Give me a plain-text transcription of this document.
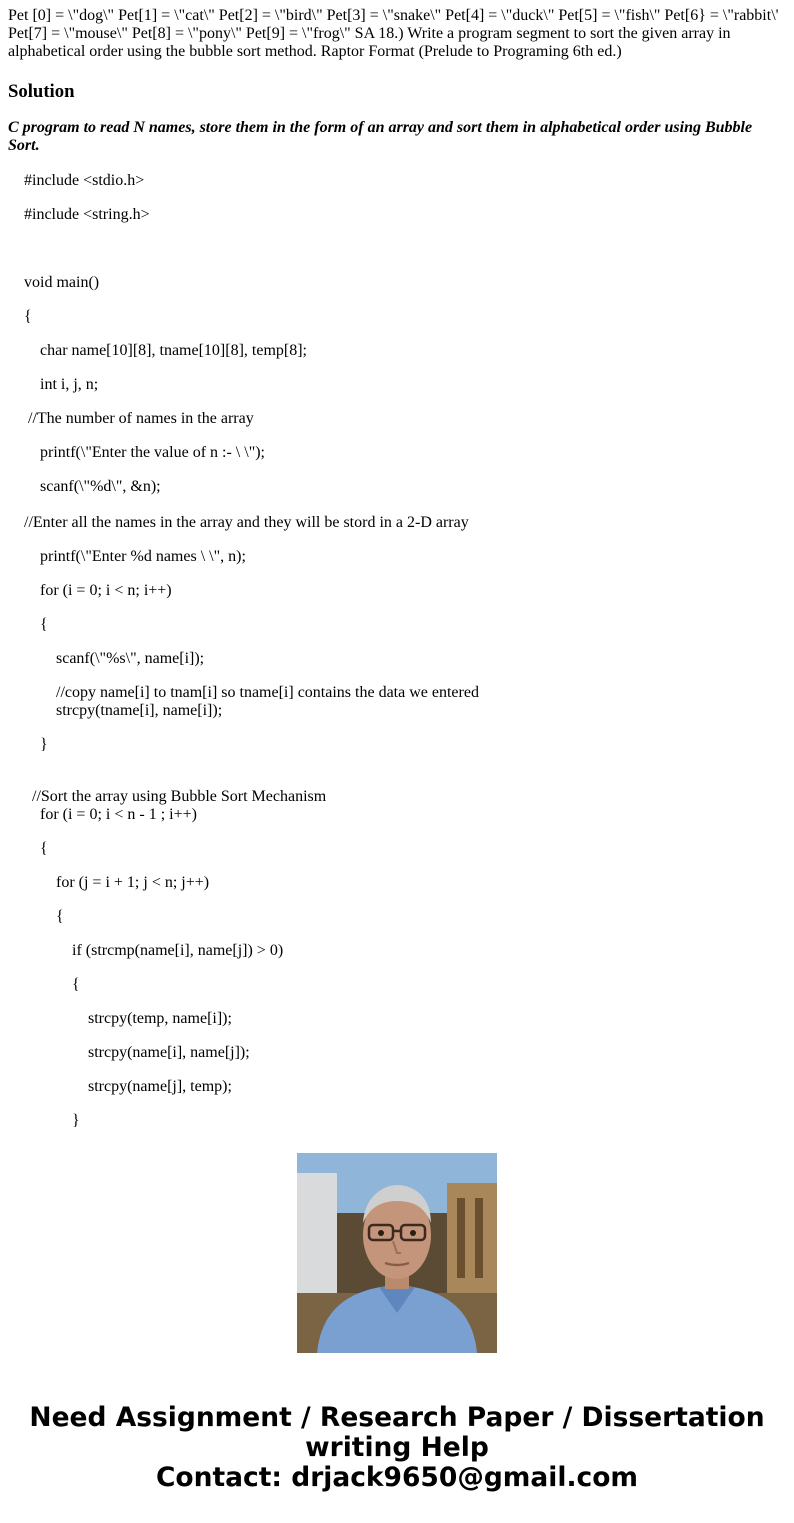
Pet [0] = \"dog\" Pet[1] = \"cat\" Pet[2] = \"bird\" Pet[3] = \"snake\" Pet[4] = \"duck\" Pet[5] = \"fish\" Pet[6} = \"rabbit\' Pet[7] = \"mouse\" Pet[8] = \"pony\" Pet[9] = \"frog\" SA 18.) Write a program segment to sort the given array in alphabetical order using the bubble sort method. Raptor Format (Prelude to Programing 6th ed.)

Solution

C program to read N names, store them in the form of an array and sort them in alphabetical order using Bubble Sort.

#include <stdio.h>
#include <string.h>
void main()
{
char name[10][8], tname[10][8], temp[8];
int i, j, n;
//The number of names in the array
printf(\"Enter the value of n :- \ \");
scanf(\"%d\", &n);
//Enter all the names in the array and they will be stord in a 2-D array
printf(\"Enter %d names \ \", n);
for (i = 0; i < n; i++)
{
scanf(\"%s\", name[i]);
//copy name[i] to tnam[i] so tname[i] contains the data we entered
strcpy(tname[i], name[i]);
}
//Sort the array using Bubble Sort Mechanism
for (i = 0; i < n - 1 ; i++)
{
for (j = i + 1; j < n; j++)
{
if (strcmp(name[i], name[j]) > 0)
{
strcpy(temp, name[i]);
strcpy(name[i], name[j]);
strcpy(name[j], temp);
}
Need Assignment / Research Paper / Dissertation
writing Help
Contact: drjack9650@gmail.com
